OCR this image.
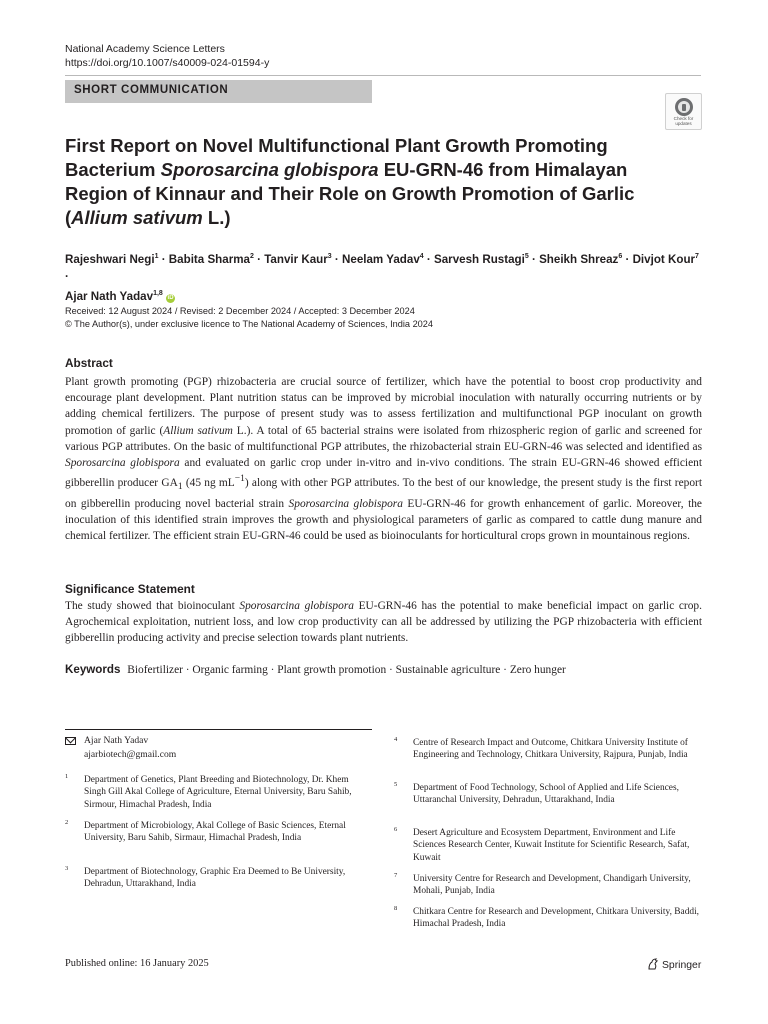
National Academy Science Letters
https://doi.org/10.1007/s40009-024-01594-y
SHORT COMMUNICATION
Check for
updates
First Report on Novel Multifunctional Plant Growth Promoting Bacterium Sporosarcina globispora EU-GRN-46 from Himalayan Region of Kinnaur and Their Role on Growth Promotion of Garlic (Allium sativum L.)
Rajeshwari Negi$^1$ · Babita Sharma$^2$ · Tanvir Kaur$^3$ · Neelam Yadav$^4$ · Sarvesh Rustagi$^5$ · Sheikh Shreaz$^6$ · Divjot Kour$^7$ ·
Ajar Nath Yadav$^{1,8}$ iD
Received: 12 August 2024 / Revised: 2 December 2024 / Accepted: 3 December 2024
© The Author(s), under exclusive licence to The National Academy of Sciences, India 2024
Abstract

Plant growth promoting (PGP) rhizobacteria are crucial source of fertilizer, which have the potential to boost crop productivity and encourage plant development. Plant nutrition status can be improved by microbial inoculation with naturally occurring nutrients or by adding chemical fertilizers. The purpose of present study was to assess fertilization and multifunctional PGP inoculant on growth promotion of garlic (Allium sativum L.). A total of 65 bacterial strains were isolated from rhizospheric region of garlic and screened for various PGP attributes. On the basic of multifunctional PGP attributes, the rhizobacterial strain EU-GRN-46 was selected and identified as Sporosarcina globispora and evaluated on garlic crop under in-vitro and in-vivo conditions. The strain EU-GRN-46 showed efficient gibberellin producer $GA_1$ (45 ng $mL^{-1}$) along with other PGP attributes. To the best of our knowledge, the present study is the first report on gibberellin producing novel bacterial strain Sporosarcina globispora EU-GRN-46 for growth enhancement of garlic. Moreover, the inoculation of this identified strain improves the growth and physiological parameters of garlic as compared to cattle dung manure and chemical fertilizer. The efficient strain EU-GRN-46 could be used as bioinoculants for horticultural crops grown in mountainous regions.

Significance Statement

The study showed that bioinoculant Sporosarcina globispora EU-GRN-46 has the potential to make beneficial impact on garlic crop. Agrochemical exploitation, nutrient loss, and low crop productivity can all be addressed by utilizing the PGP rhizobacteria with efficient gibberellin producing activity and precise selection towards plant nutrients.

Keywords Biofertilizer · Organic farming · Plant growth promotion · Sustainable agriculture · Zero hunger
Ajar Nath Yadav
ajarbiotech@gmail.com
1 Department of Genetics, Plant Breeding and Biotechnology, Dr. Khem Singh Gill Akal College of Agriculture, Eternal University, Baru Sahib, Sirmour, Himachal Pradesh, India
2 Department of Microbiology, Akal College of Basic Sciences, Eternal University, Baru Sahib, Sirmaur, Himachal Pradesh, India
3 Department of Biotechnology, Graphic Era Deemed to Be University, Dehradun, Uttarakhand, India
4 Centre of Research Impact and Outcome, Chitkara University Institute of Engineering and Technology, Chitkara University, Rajpura, Punjab, India
5 Department of Food Technology, School of Applied and Life Sciences, Uttaranchal University, Dehradun, Uttarakhand, India
6 Desert Agriculture and Ecosystem Department, Environment and Life Sciences Research Center, Kuwait Institute for Scientific Research, Safat, Kuwait
7 University Centre for Research and Development, Chandigarh University, Mohali, Punjab, India
8 Chitkara Centre for Research and Development, Chitkara University, Baddi, Himachal Pradesh, India
Published online: 16 January 2025	Springer
